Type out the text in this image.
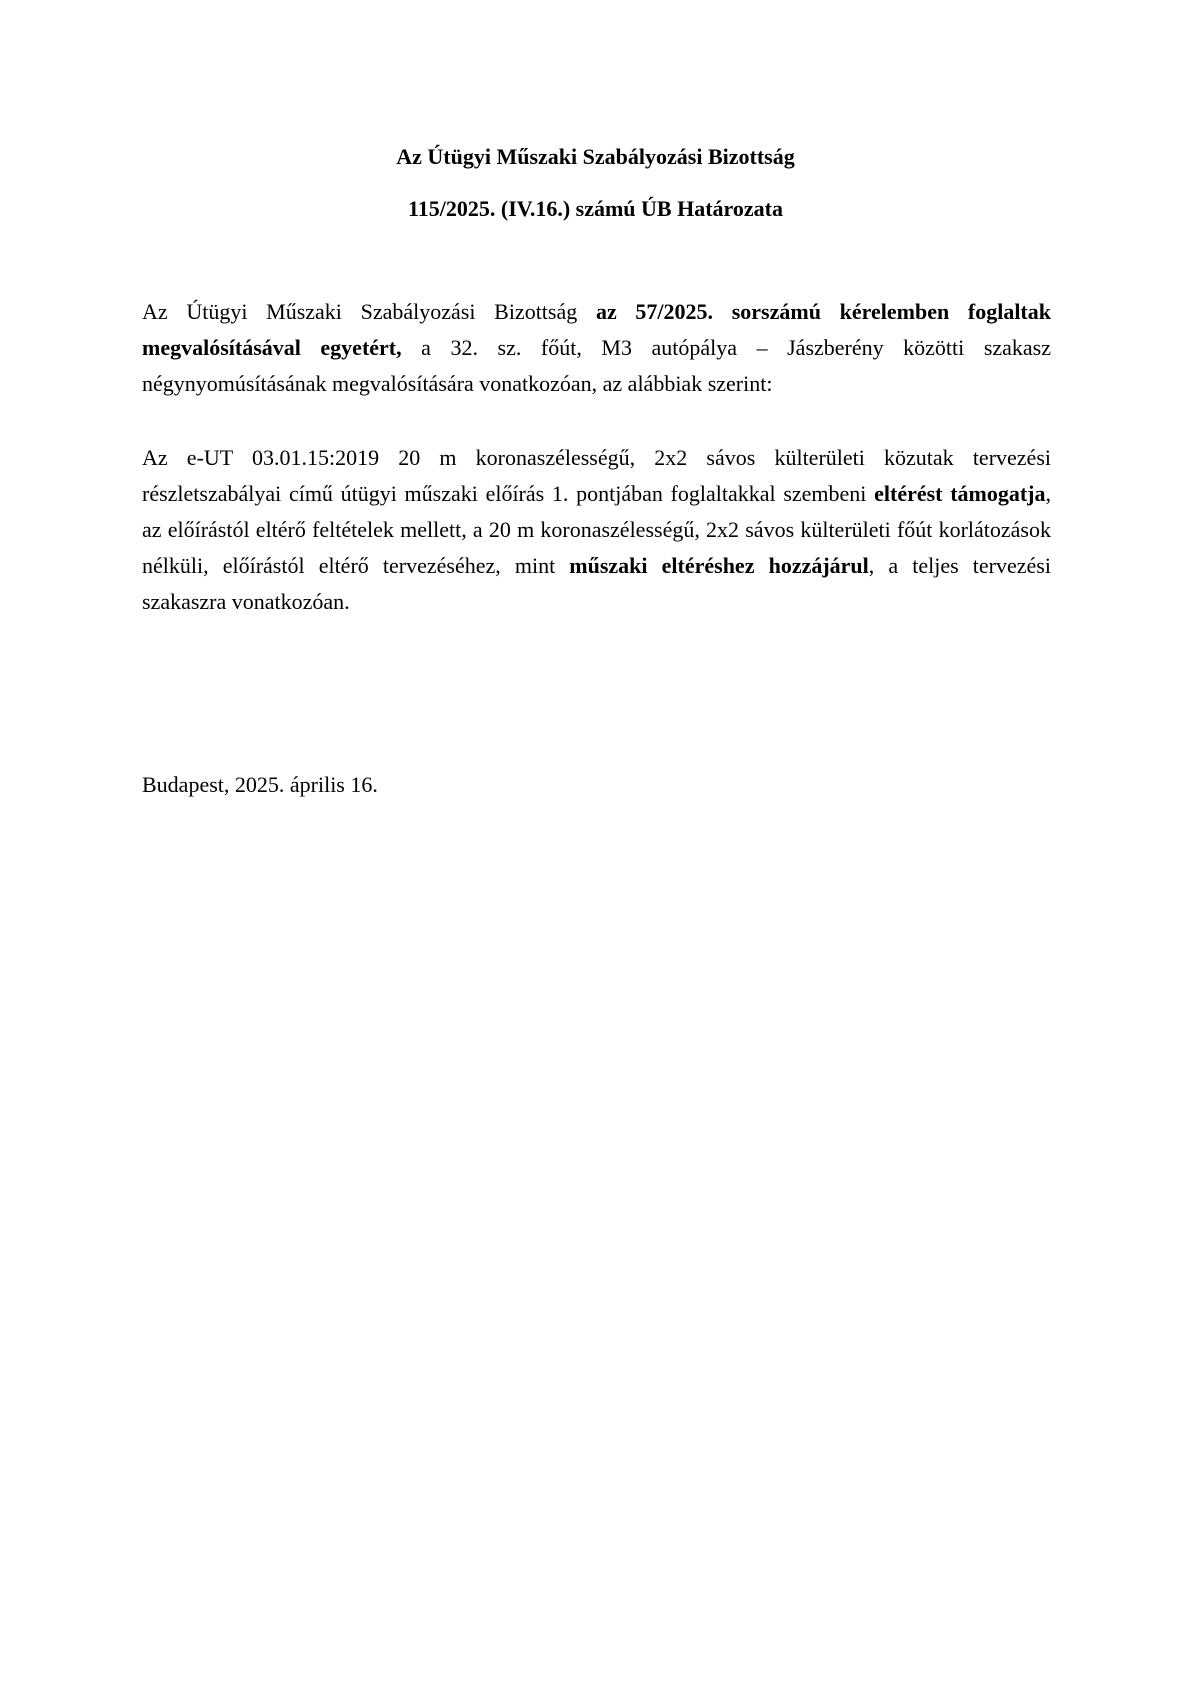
Az Útügyi Műszaki Szabályozási Bizottság

115/2025. (IV.16.) számú ÚB Határozata

Az Útügyi Műszaki Szabályozási Bizottság az 57/2025. sorszámú kérelemben foglaltak megvalósításával egyetért, a 32. sz. főút, M3 autópálya – Jászberény közötti szakasz négynyomúsításának megvalósítására vonatkozóan, az alábbiak szerint:

Az e-UT 03.01.15:2019 20 m koronaszélességű, 2x2 sávos külterületi közutak tervezési részletszabályai című útügyi műszaki előírás 1. pontjában foglaltakkal szembeni eltérést támogatja, az előírástól eltérő feltételek mellett, a 20 m koronaszélességű, 2x2 sávos külterületi főút korlátozások nélküli, előírástól eltérő tervezéséhez, mint műszaki eltéréshez hozzájárul, a teljes tervezési szakaszra vonatkozóan.

Budapest, 2025. április 16.
